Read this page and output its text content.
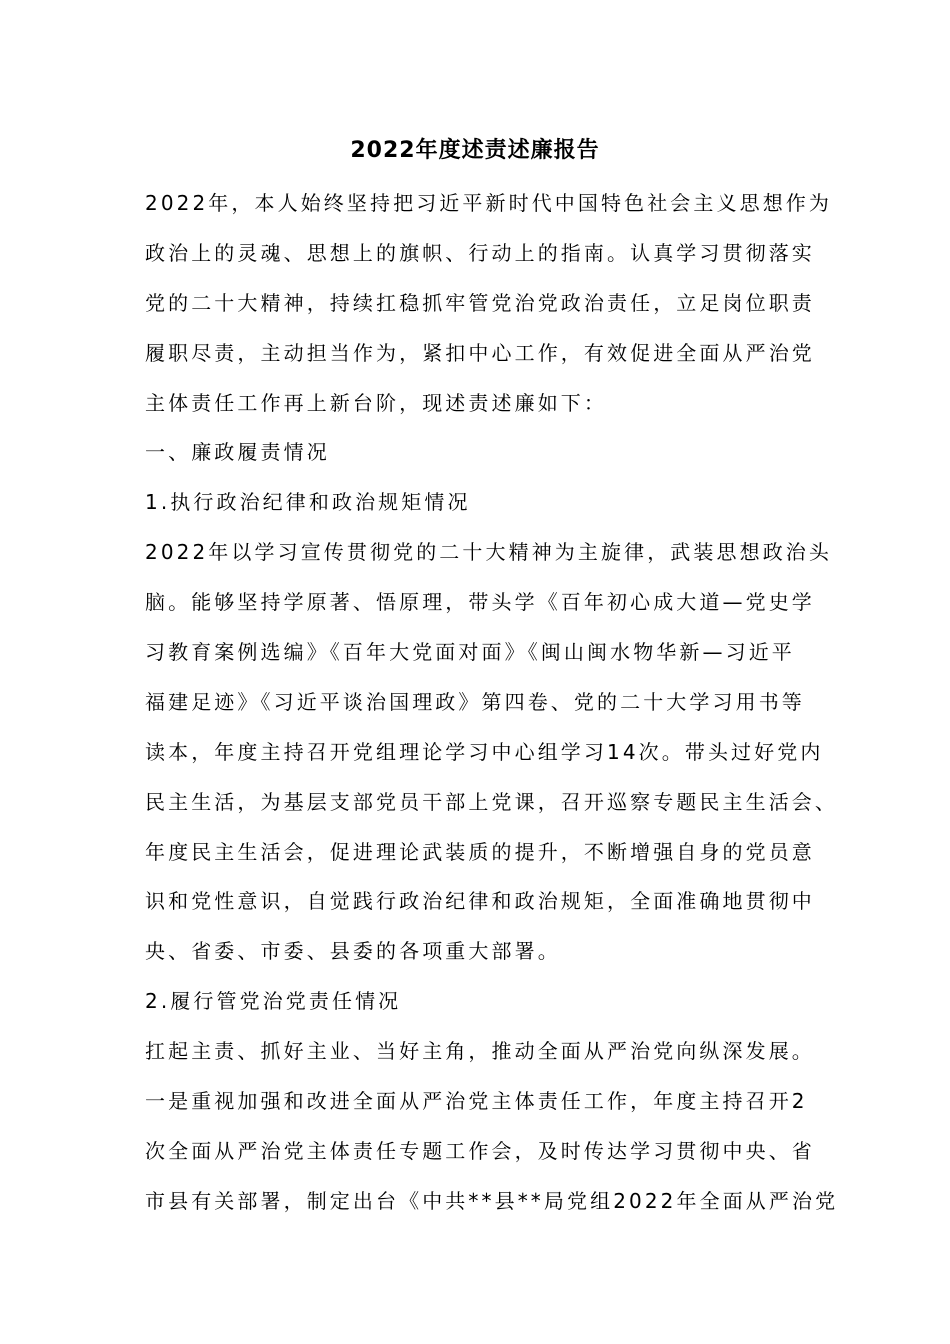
2022年度述责述廉报告
2022年，本人始终坚持把习近平新时代中国特色社会主义思想作为
政治上的灵魂、思想上的旗帜、行动上的指南。认真学习贯彻落实
党的二十大精神，持续扛稳抓牢管党治党政治责任，立足岗位职责
履职尽责，主动担当作为，紧扣中心工作，有效促进全面从严治党
主体责任工作再上新台阶，现述责述廉如下：
一、廉政履责情况
1.执行政治纪律和政治规矩情况
2022年以学习宣传贯彻党的二十大精神为主旋律，武装思想政治头
脑。能够坚持学原著、悟原理，带头学《百年初心成大道—党史学
习教育案例选编》《百年大党面对面》《闽山闽水物华新—习近平
福建足迹》《习近平谈治国理政》第四卷、党的二十大学习用书等
读本，年度主持召开党组理论学习中心组学习14次。带头过好党内
民主生活，为基层支部党员干部上党课，召开巡察专题民主生活会、
年度民主生活会，促进理论武装质的提升，不断增强自身的党员意
识和党性意识，自觉践行政治纪律和政治规矩，全面准确地贯彻中
央、省委、市委、县委的各项重大部署。
2.履行管党治党责任情况
扛起主责、抓好主业、当好主角，推动全面从严治党向纵深发展。
一是重视加强和改进全面从严治党主体责任工作，年度主持召开2
次全面从严治党主体责任专题工作会，及时传达学习贯彻中央、省
市县有关部署，制定出台《中共**县**局党组2022年全面从严治党
